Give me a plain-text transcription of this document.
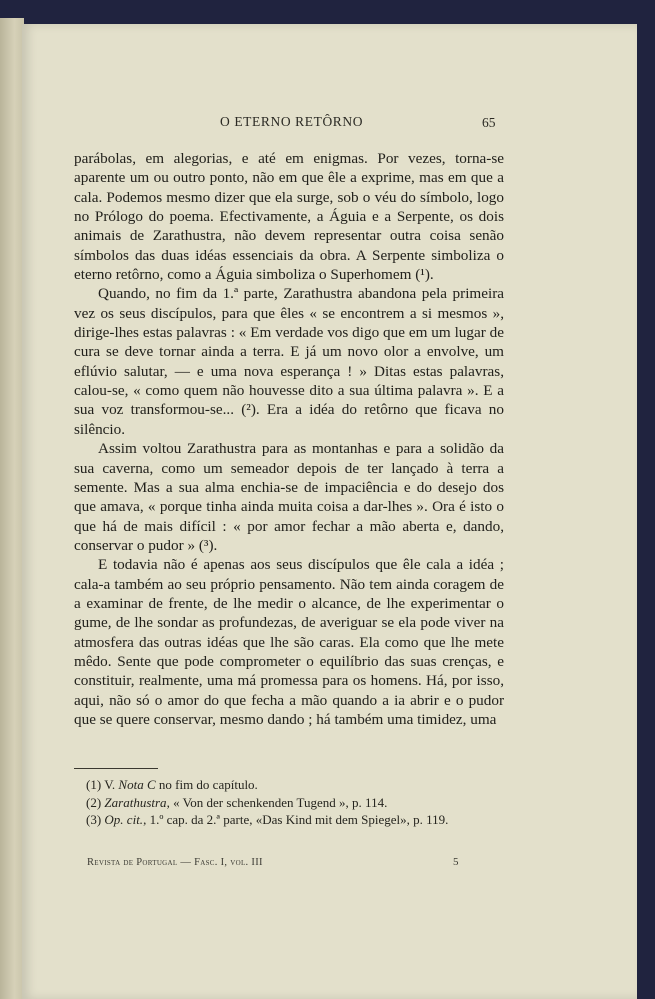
O ETERNO RETÔRNO	65

parábolas, em alegorias, e até em enigmas. Por vezes, torna-se aparente um ou outro ponto, não em que êle a exprime, mas em que a cala. Podemos mesmo dizer que ela surge, sob o véu do símbolo, logo no Prólogo do poema. Efectivamente, a Águia e a Serpente, os dois animais de Zarathustra, não devem representar outra coisa senão símbolos das duas idéas essenciais da obra. A Serpente simboliza o eterno retôrno, como a Águia simboliza o Superhomem (¹).

Quando, no fim da 1.ª parte, Zarathustra abandona pela primeira vez os seus discípulos, para que êles « se encontrem a si mesmos », dirige-lhes estas palavras : « Em verdade vos digo que em um lugar de cura se deve tornar ainda a terra. E já um novo olor a envolve, um eflúvio salutar, — e uma nova esperança ! » Ditas estas palavras, calou-se, « como quem não houvesse dito a sua última palavra ». E a sua voz transformou-se... (²). Era a idéa do retôrno que ficava no silêncio.

Assim voltou Zarathustra para as montanhas e para a solidão da sua caverna, como um semeador depois de ter lançado à terra a semente. Mas a sua alma enchia-se de impaciência e do desejo dos que amava, « porque tinha ainda muita coisa a dar-lhes ». Ora é isto o que há de mais difícil : « por amor fechar a mão aberta e, dando, conservar o pudor » (³).

E todavia não é apenas aos seus discípulos que êle cala a idéa ; cala-a também ao seu próprio pensamento. Não tem ainda coragem de a examinar de frente, de lhe medir o alcance, de lhe experimentar o gume, de lhe sondar as profundezas, de averiguar se ela pode viver na atmosfera das outras idéas que lhe são caras. Ela como que lhe mete mêdo. Sente que pode comprometer o equilíbrio das suas crenças, e constituir, realmente, uma má promessa para os homens. Há, por isso, aqui, não só o amor do que fecha a mão quando a ia abrir e o pudor que se quere conservar, mesmo dando ; há também uma timidez, uma

(1) V. Nota C no fim do capítulo.

(2) Zarathustra, « Von der schenkenden Tugend », p. 114.

(3) Op. cit., 1.º cap. da 2.ª parte, «Das Kind mit dem Spiegel», p. 119.

Revista de Portugal — Fasc. I, vol. III	5
